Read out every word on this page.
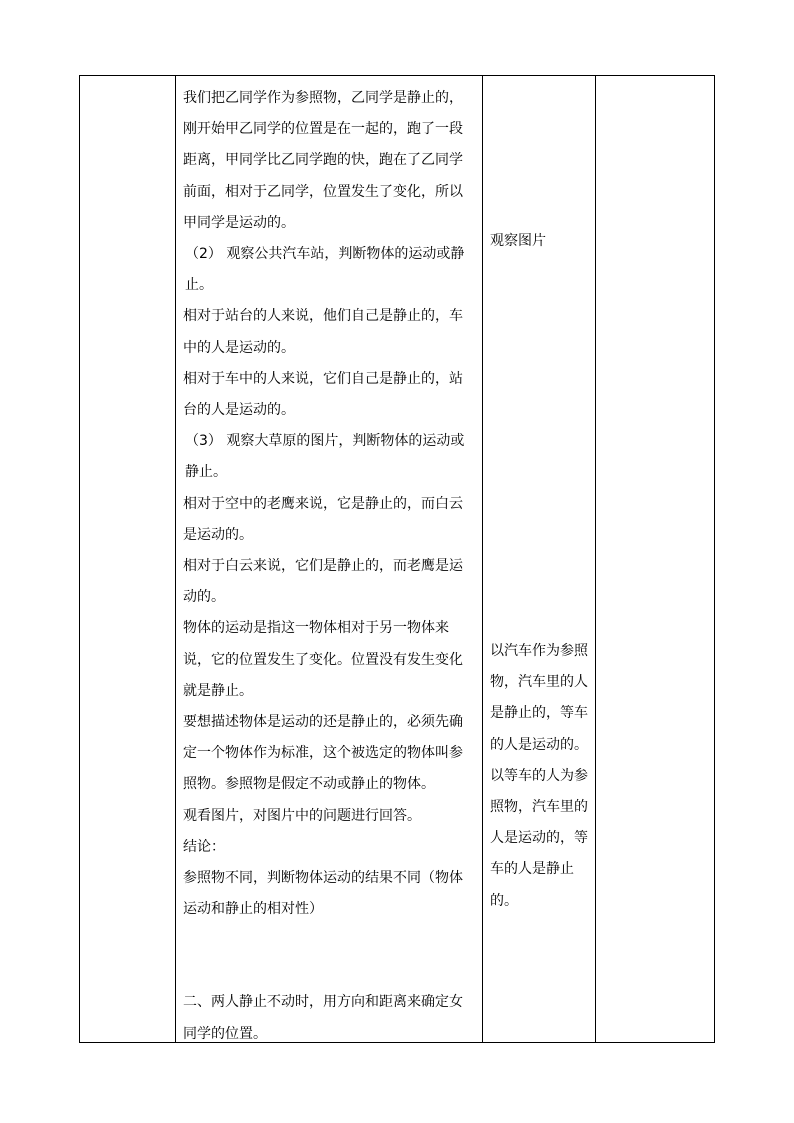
我们把乙同学作为参照物，乙同学是静止的，刚开始甲乙同学的位置是在一起的，跑了一段距离，甲同学比乙同学跑的快，跑在了乙同学前面，相对于乙同学，位置发生了变化，所以甲同学是运动的。

（2） 观察公共汽车站，判断物体的运动或静止。

相对于站台的人来说，他们自己是静止的，车中的人是运动的。

相对于车中的人来说，它们自己是静止的，站台的人是运动的。

（3） 观察大草原的图片，判断物体的运动或静止。

相对于空中的老鹰来说，它是静止的，而白云是运动的。

相对于白云来说，它们是静止的，而老鹰是运动的。

物体的运动是指这一物体相对于另一物体来说，它的位置发生了变化。位置没有发生变化就是静止。

要想描述物体是运动的还是静止的，必须先确定一个物体作为标准，这个被选定的物体叫参照物。参照物是假定不动或静止的物体。

观看图片，对图片中的问题进行回答。

结论：

参照物不同，判断物体运动的结果不同（物体运动和静止的相对性）

二、两人静止不动时，用方向和距离来确定女同学的位置。

观察图片

以汽车作为参照物，汽车里的人是静止的，等车的人是运动的。以等车的人为参照物，汽车里的人是运动的，等车的人是静止的。
